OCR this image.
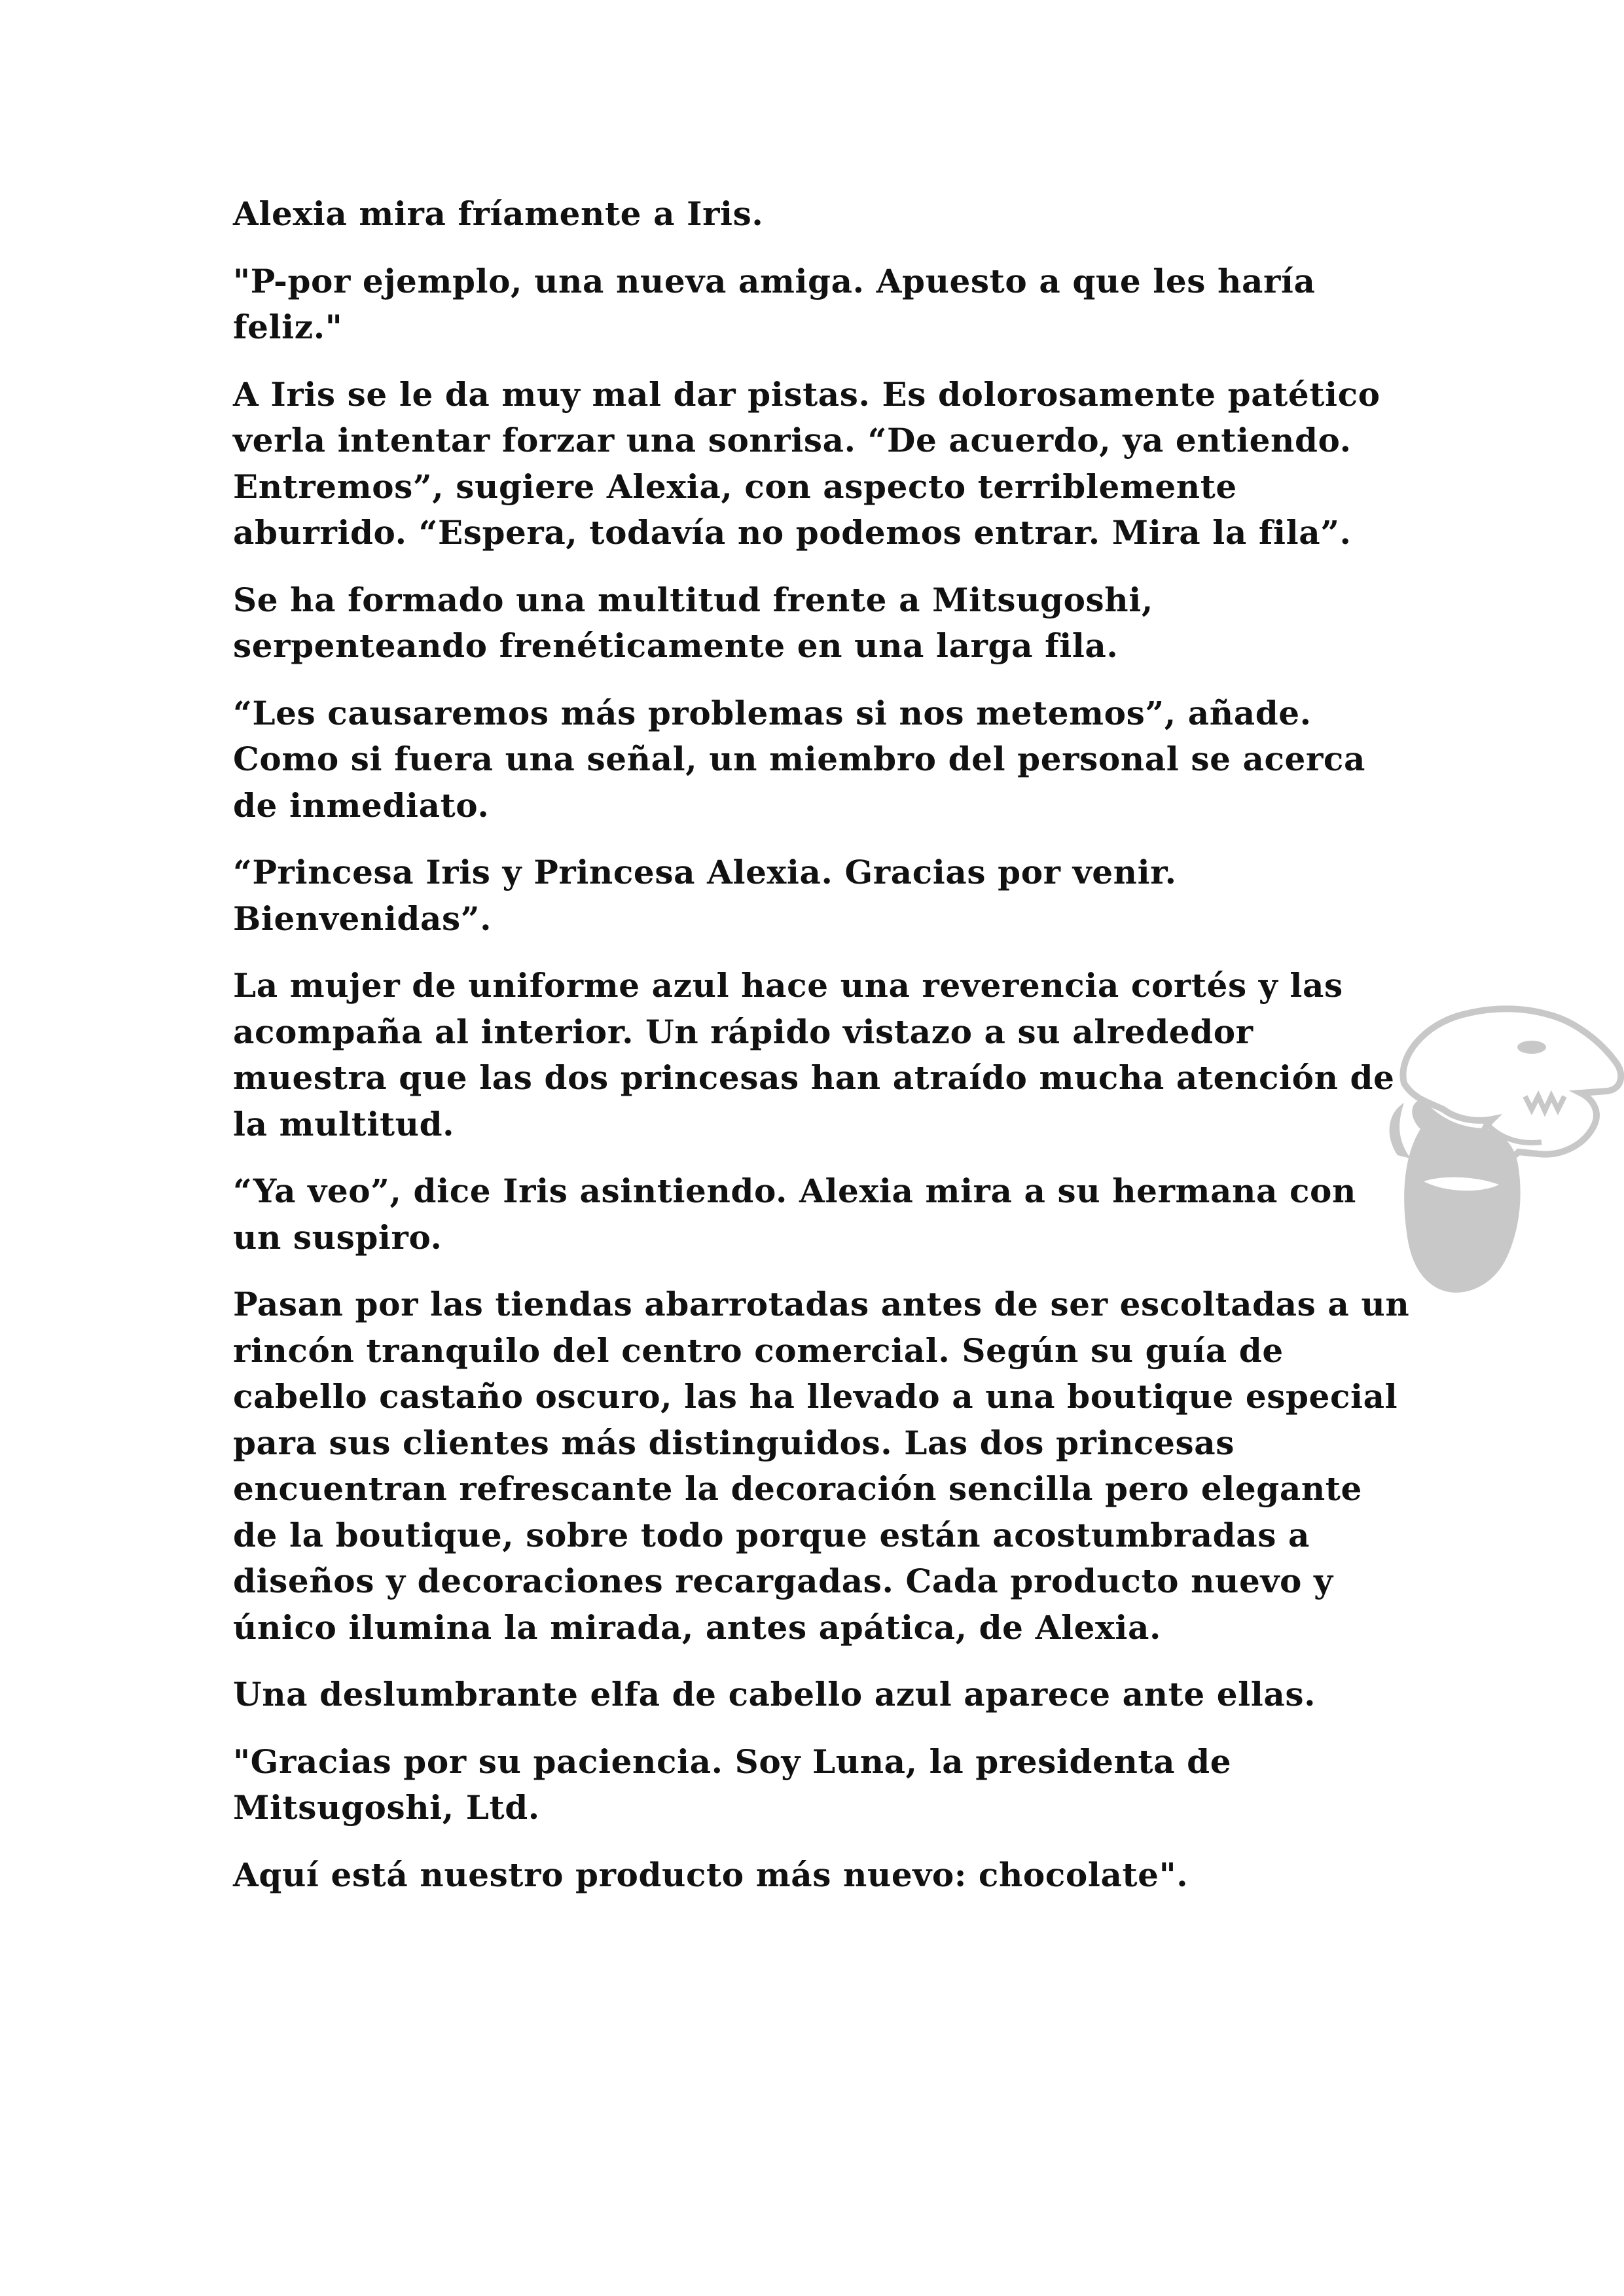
Alexia mira fríamente a Iris.

"P-por ejemplo, una nueva amiga. Apuesto a que les haría feliz."

A Iris se le da muy mal dar pistas. Es dolorosamente patético verla intentar forzar una sonrisa. “De acuerdo, ya entiendo. Entremos”, sugiere Alexia, con aspecto terriblemente aburrido. “Espera, todavía no podemos entrar. Mira la fila”.

Se ha formado una multitud frente a Mitsugoshi, serpenteando frenéticamente en una larga fila.

“Les causaremos más problemas si nos metemos”, añade. Como si fuera una señal, un miembro del personal se acerca de inmediato.

“Princesa Iris y Princesa Alexia. Gracias por venir. Bienvenidas”.

La mujer de uniforme azul hace una reverencia cortés y las acompaña al interior. Un rápido vistazo a su alrededor muestra que las dos princesas han atraído mucha atención de la multitud.

“Ya veo”, dice Iris asintiendo. Alexia mira a su hermana con un suspiro.

Pasan por las tiendas abarrotadas antes de ser escoltadas a un rincón tranquilo del centro comercial. Según su guía de cabello castaño oscuro, las ha llevado a una boutique especial para sus clientes más distinguidos. Las dos princesas encuentran refrescante la decoración sencilla pero elegante de la boutique, sobre todo porque están acostumbradas a diseños y decoraciones recargadas. Cada producto nuevo y único ilumina la mirada, antes apática, de Alexia.

Una deslumbrante elfa de cabello azul aparece ante ellas.

"Gracias por su paciencia. Soy Luna, la presidenta de Mitsugoshi, Ltd.

Aquí está nuestro producto más nuevo: chocolate".
